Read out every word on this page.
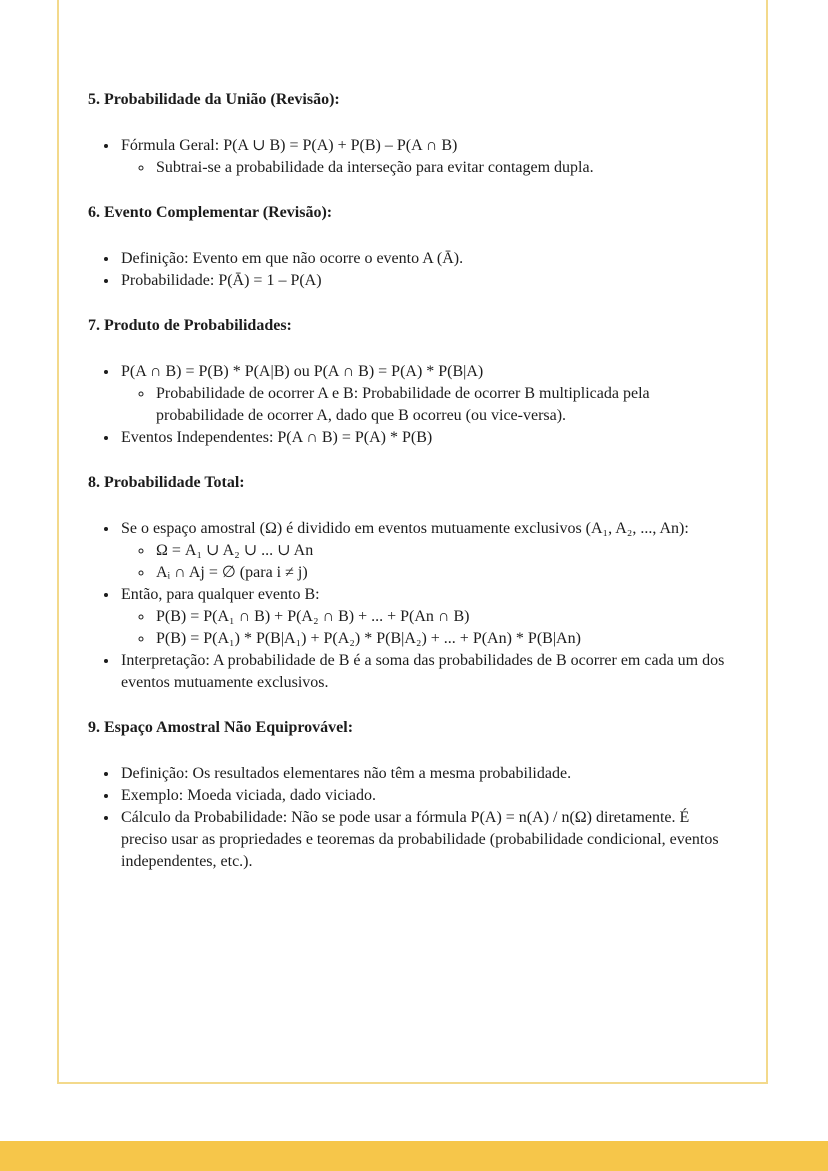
5. Probabilidade da União (Revisão):
• Fórmula Geral: P(A ∪ B) = P(A) + P(B) – P(A ∩ B)
◦ Subtrai-se a probabilidade da interseção para evitar contagem dupla.
6. Evento Complementar (Revisão):
• Definição: Evento em que não ocorre o evento A (Ā).
• Probabilidade: P(Ā) = 1 – P(A)
7. Produto de Probabilidades:
• P(A ∩ B) = P(B) * P(A|B) ou P(A ∩ B) = P(A) * P(B|A)
◦ Probabilidade de ocorrer A e B: Probabilidade de ocorrer B multiplicada pela probabilidade de ocorrer A, dado que B ocorreu (ou vice-versa).
• Eventos Independentes: P(A ∩ B) = P(A) * P(B)
8. Probabilidade Total:
• Se o espaço amostral (Ω) é dividido em eventos mutuamente exclusivos (A₁, A₂, ..., An):
◦ Ω = A₁ ∪ A₂ ∪ ... ∪ An
◦ Aᵢ ∩ Aj = ∅ (para i ≠ j)
• Então, para qualquer evento B:
◦ P(B) = P(A₁ ∩ B) + P(A₂ ∩ B) + ... + P(An ∩ B)
◦ P(B) = P(A₁) * P(B|A₁) + P(A₂) * P(B|A₂) + ... + P(An) * P(B|An)
• Interpretação: A probabilidade de B é a soma das probabilidades de B ocorrer em cada um dos eventos mutuamente exclusivos.
9. Espaço Amostral Não Equiprovável:
• Definição: Os resultados elementares não têm a mesma probabilidade.
• Exemplo: Moeda viciada, dado viciado.
• Cálculo da Probabilidade: Não se pode usar a fórmula P(A) = n(A) / n(Ω) diretamente. É preciso usar as propriedades e teoremas da probabilidade (probabilidade condicional, eventos independentes, etc.).
